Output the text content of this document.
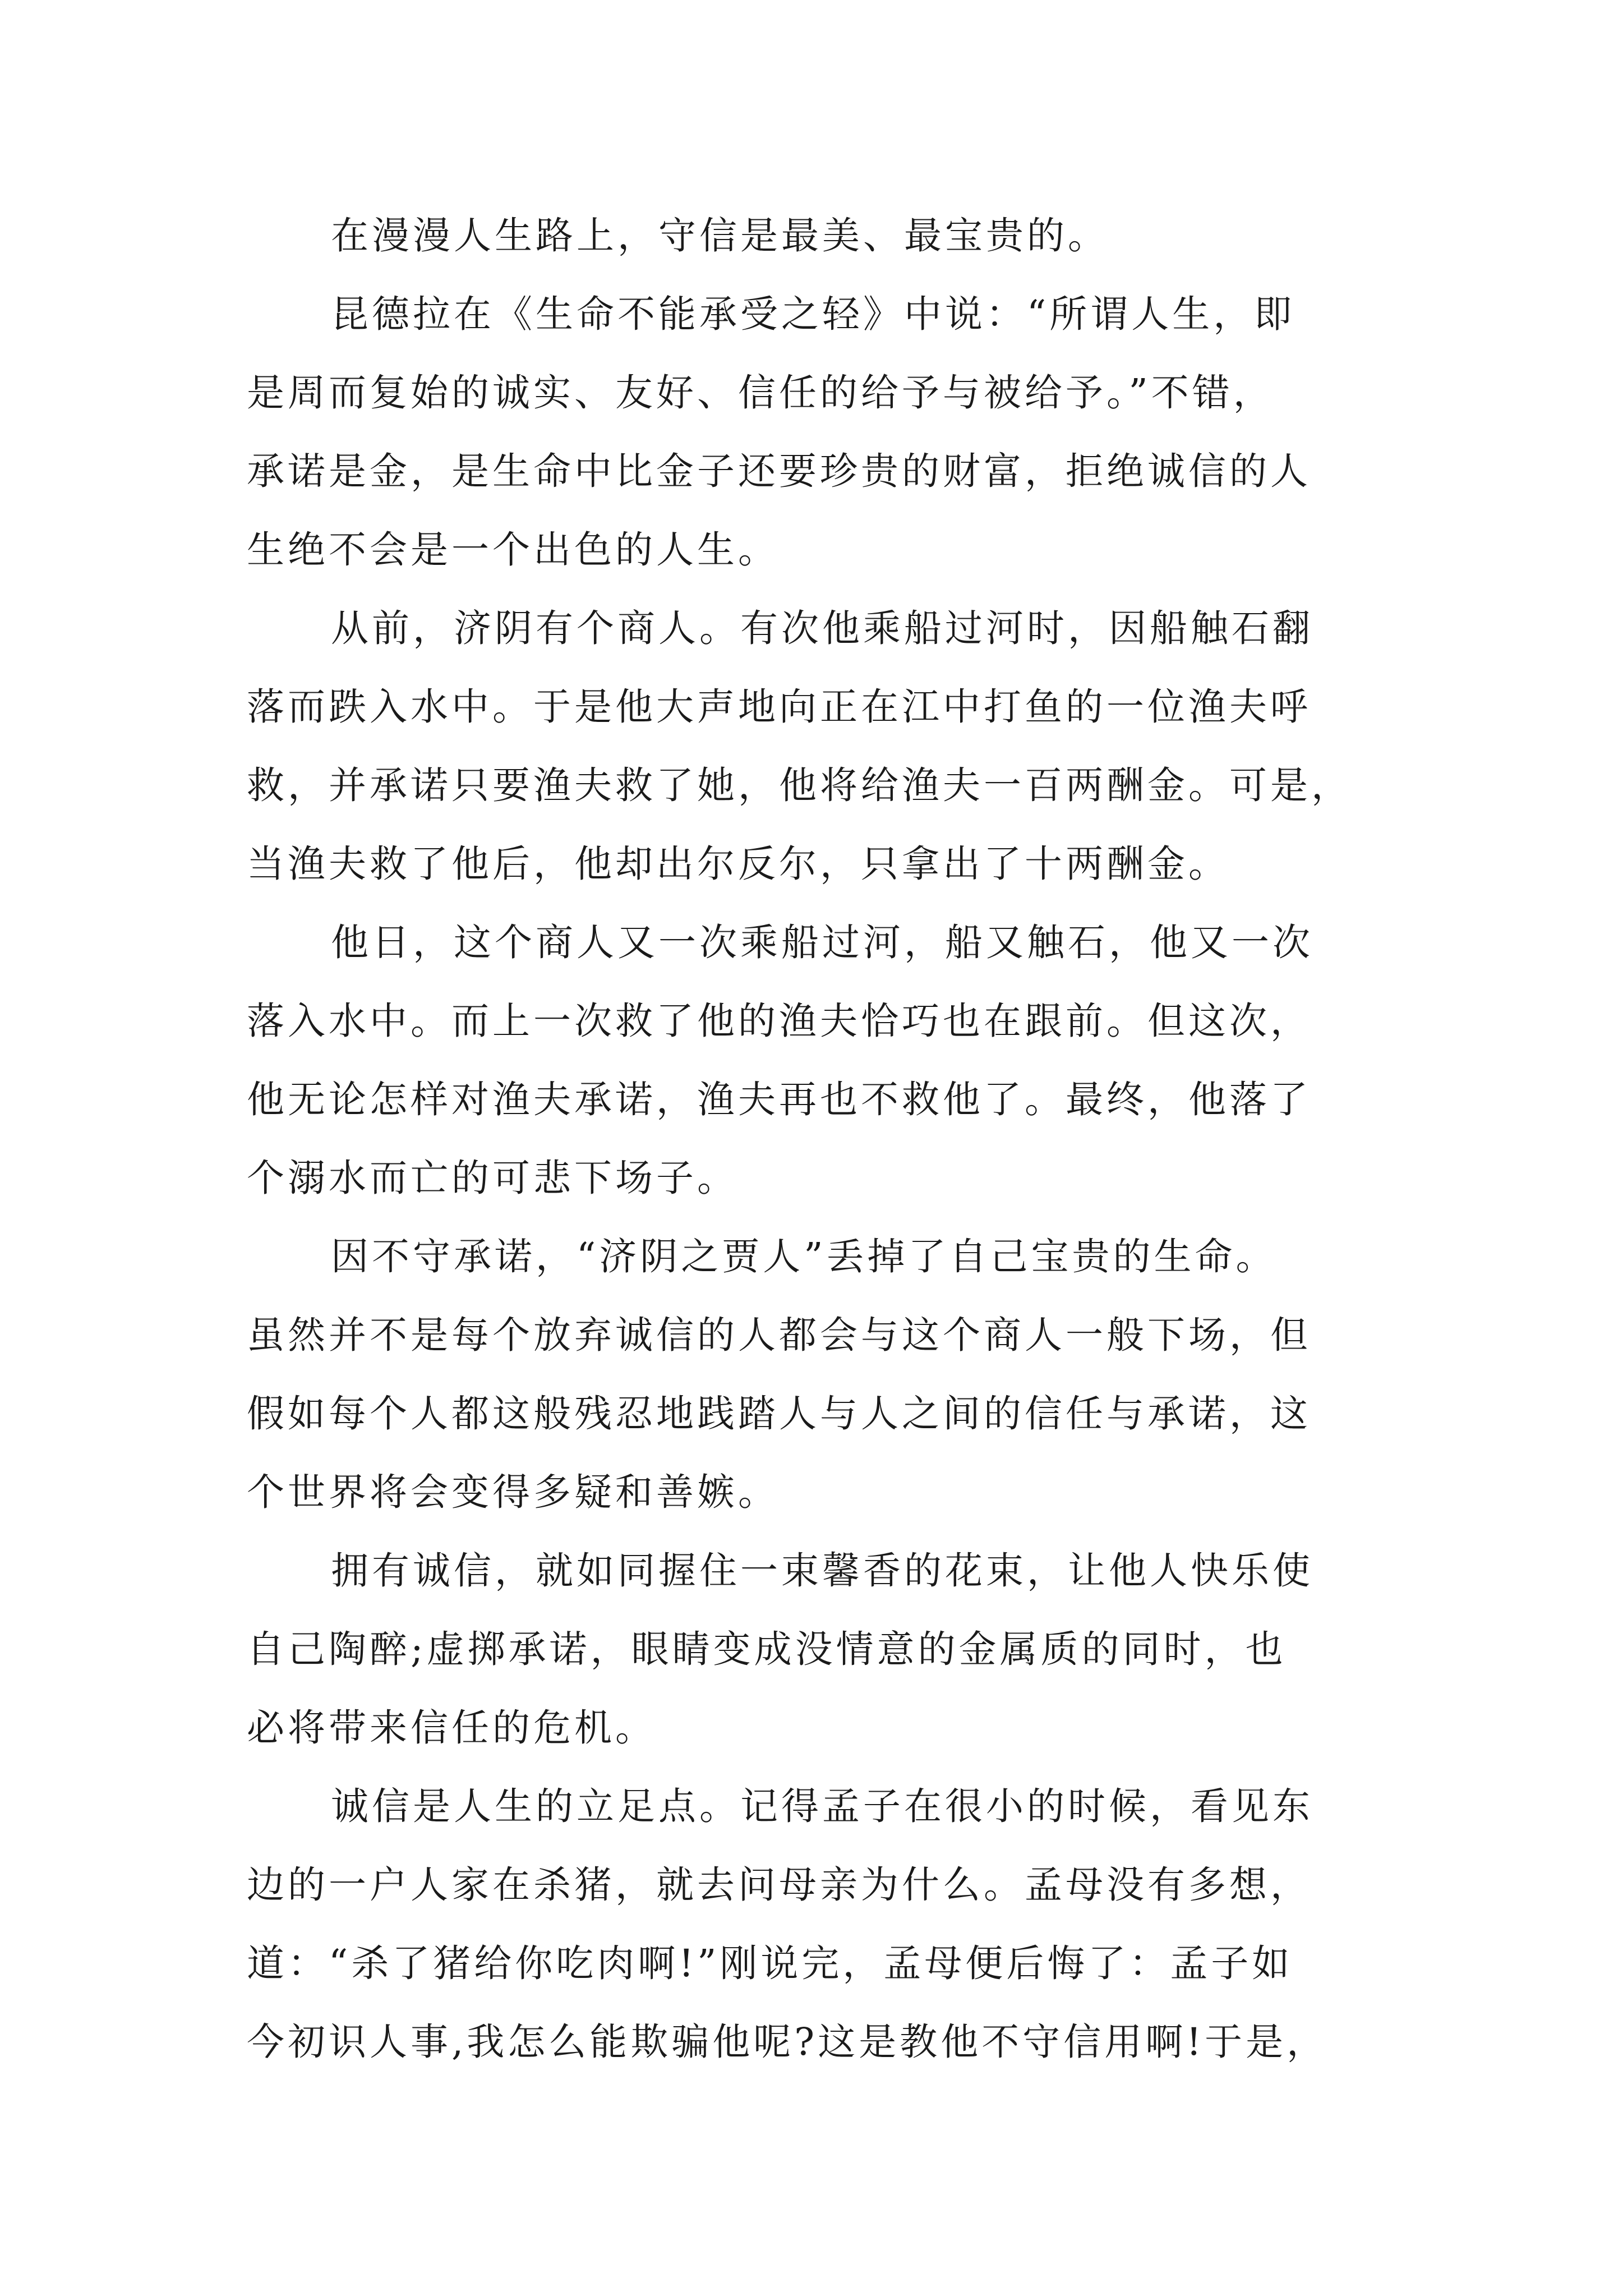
在漫漫人生路上，守信是最美、最宝贵的。

昆德拉在《生命不能承受之轻》中说：“所谓人生，即
是周而复始的诚实、友好、信任的给予与被给予。”不错，
承诺是金，是生命中比金子还要珍贵的财富，拒绝诚信的人
生绝不会是一个出色的人生。

从前，济阴有个商人。有次他乘船过河时，因船触石翻
落而跌入水中。于是他大声地向正在江中打鱼的一位渔夫呼
救，并承诺只要渔夫救了她，他将给渔夫一百两酬金。可是，
当渔夫救了他后，他却出尔反尔，只拿出了十两酬金。

他日，这个商人又一次乘船过河，船又触石，他又一次
落入水中。而上一次救了他的渔夫恰巧也在跟前。但这次，
他无论怎样对渔夫承诺，渔夫再也不救他了。最终，他落了
个溺水而亡的可悲下场子。

因不守承诺，“济阴之贾人”丢掉了自己宝贵的生命。
虽然并不是每个放弃诚信的人都会与这个商人一般下场，但
假如每个人都这般残忍地践踏人与人之间的信任与承诺，这
个世界将会变得多疑和善嫉。

拥有诚信，就如同握住一束馨香的花束，让他人快乐使
自己陶醉;虚掷承诺，眼睛变成没情意的金属质的同时，也
必将带来信任的危机。

诚信是人生的立足点。记得孟子在很小的时候，看见东
边的一户人家在杀猪，就去问母亲为什么。孟母没有多想，
道：“杀了猪给你吃肉啊!”刚说完，孟母便后悔了：孟子如
今初识人事,我怎么能欺骗他呢?这是教他不守信用啊!于是，
